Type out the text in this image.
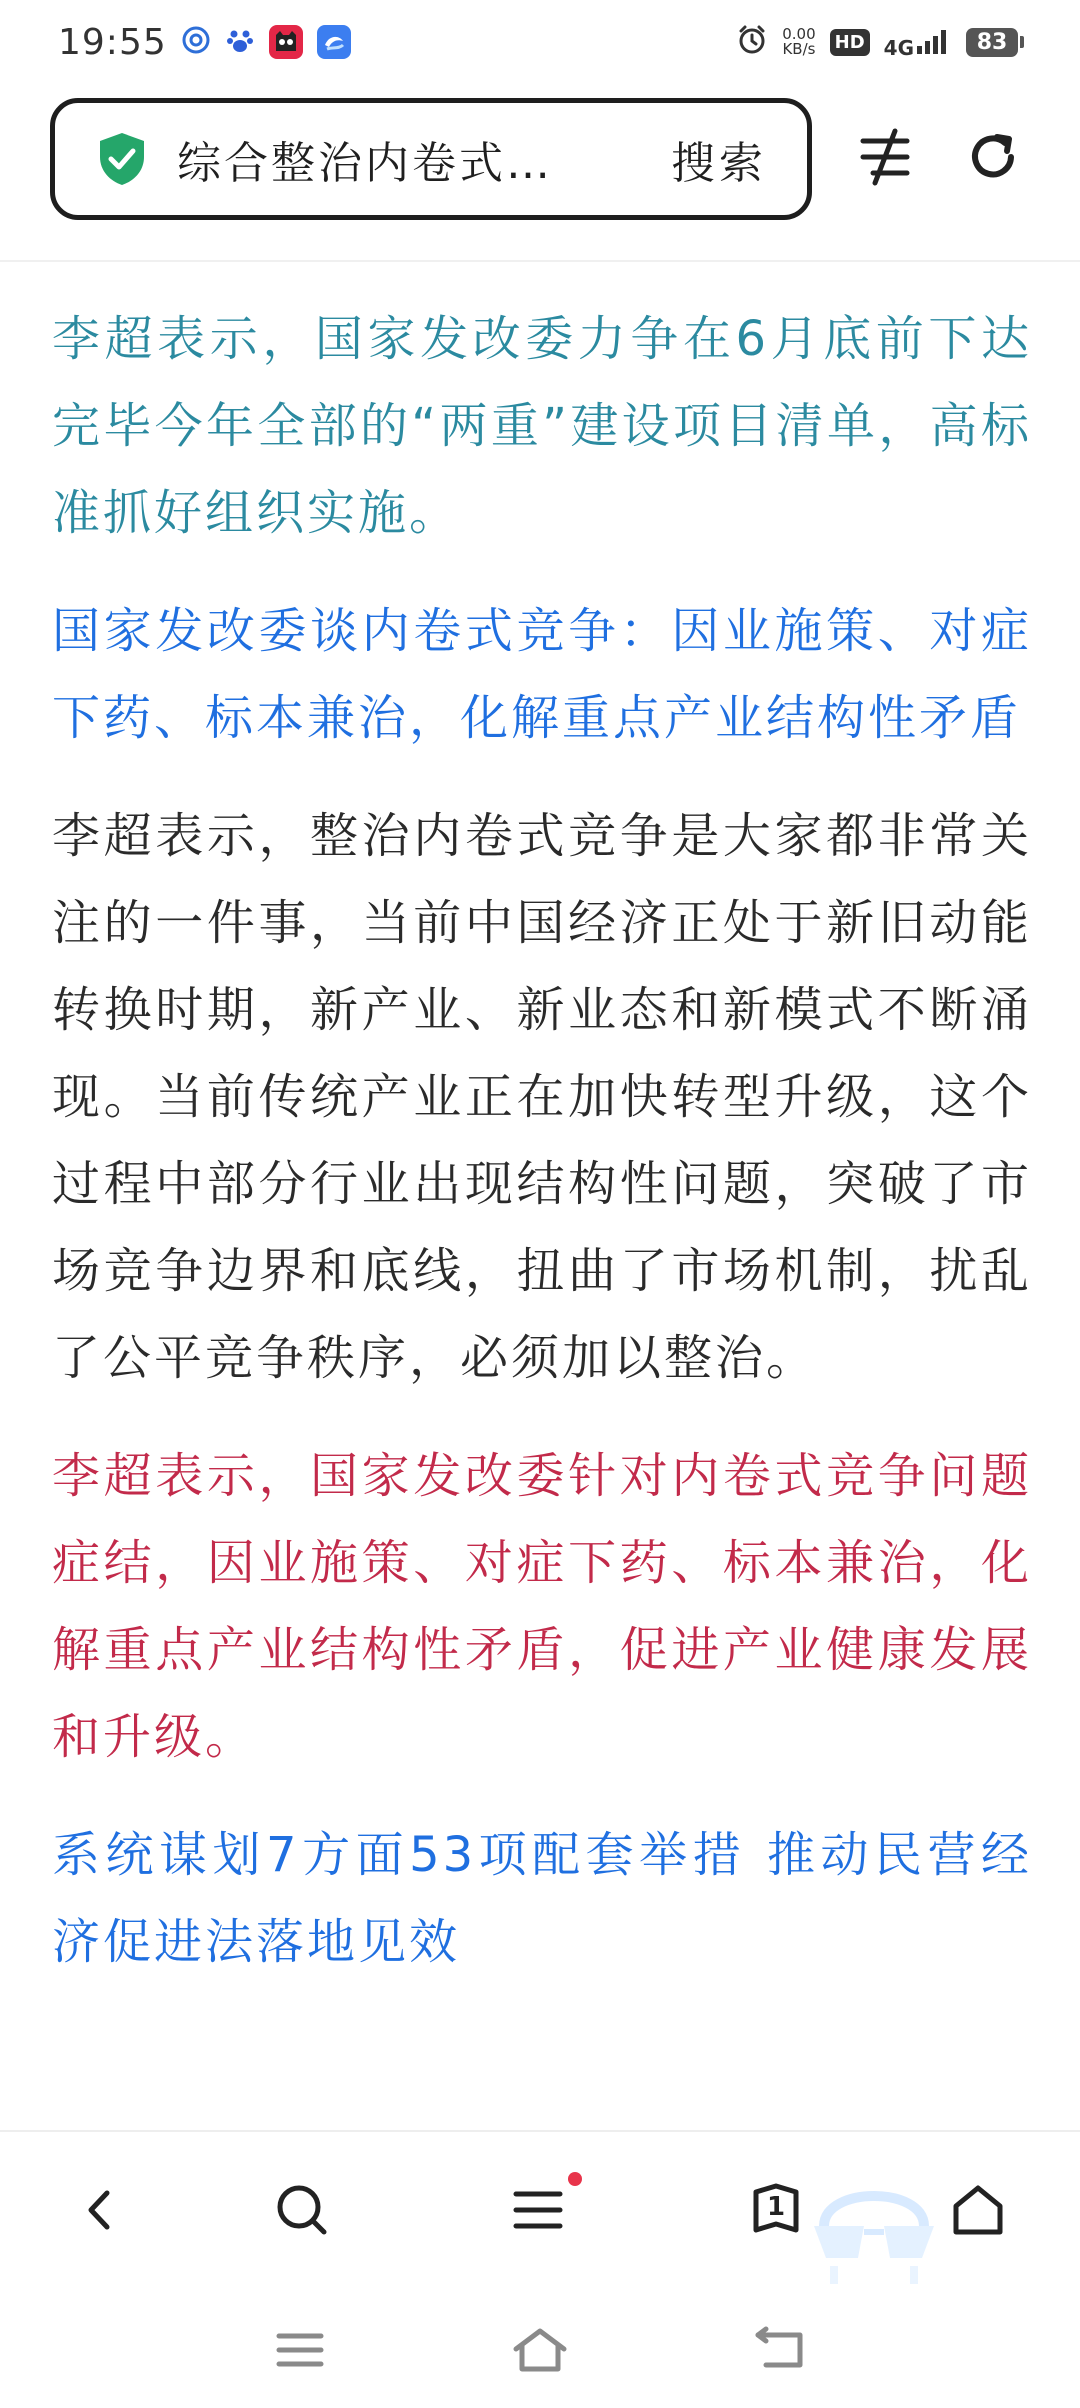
19:55	0.00
KB/s HD 4G	83
综合整治内卷式…	搜索

李超表示，国家发改委力争在6月底前下达完毕今年全部的“两重”建设项目清单，高标准抓好组织实施。

国家发改委谈内卷式竞争：因业施策、对症下药、标本兼治，化解重点产业结构性矛盾

李超表示，整治内卷式竞争是大家都非常关注的一件事，当前中国经济正处于新旧动能转换时期，新产业、新业态和新模式不断涌现。当前传统产业正在加快转型升级，这个过程中部分行业出现结构性问题，突破了市场竞争边界和底线，扭曲了市场机制，扰乱了公平竞争秩序，必须加以整治。

李超表示，国家发改委针对内卷式竞争问题症结，因业施策、对症下药、标本兼治，化解重点产业结构性矛盾，促进产业健康发展和升级。

系统谋划7方面53项配套举措 推动民营经济促进法落地见效

1
